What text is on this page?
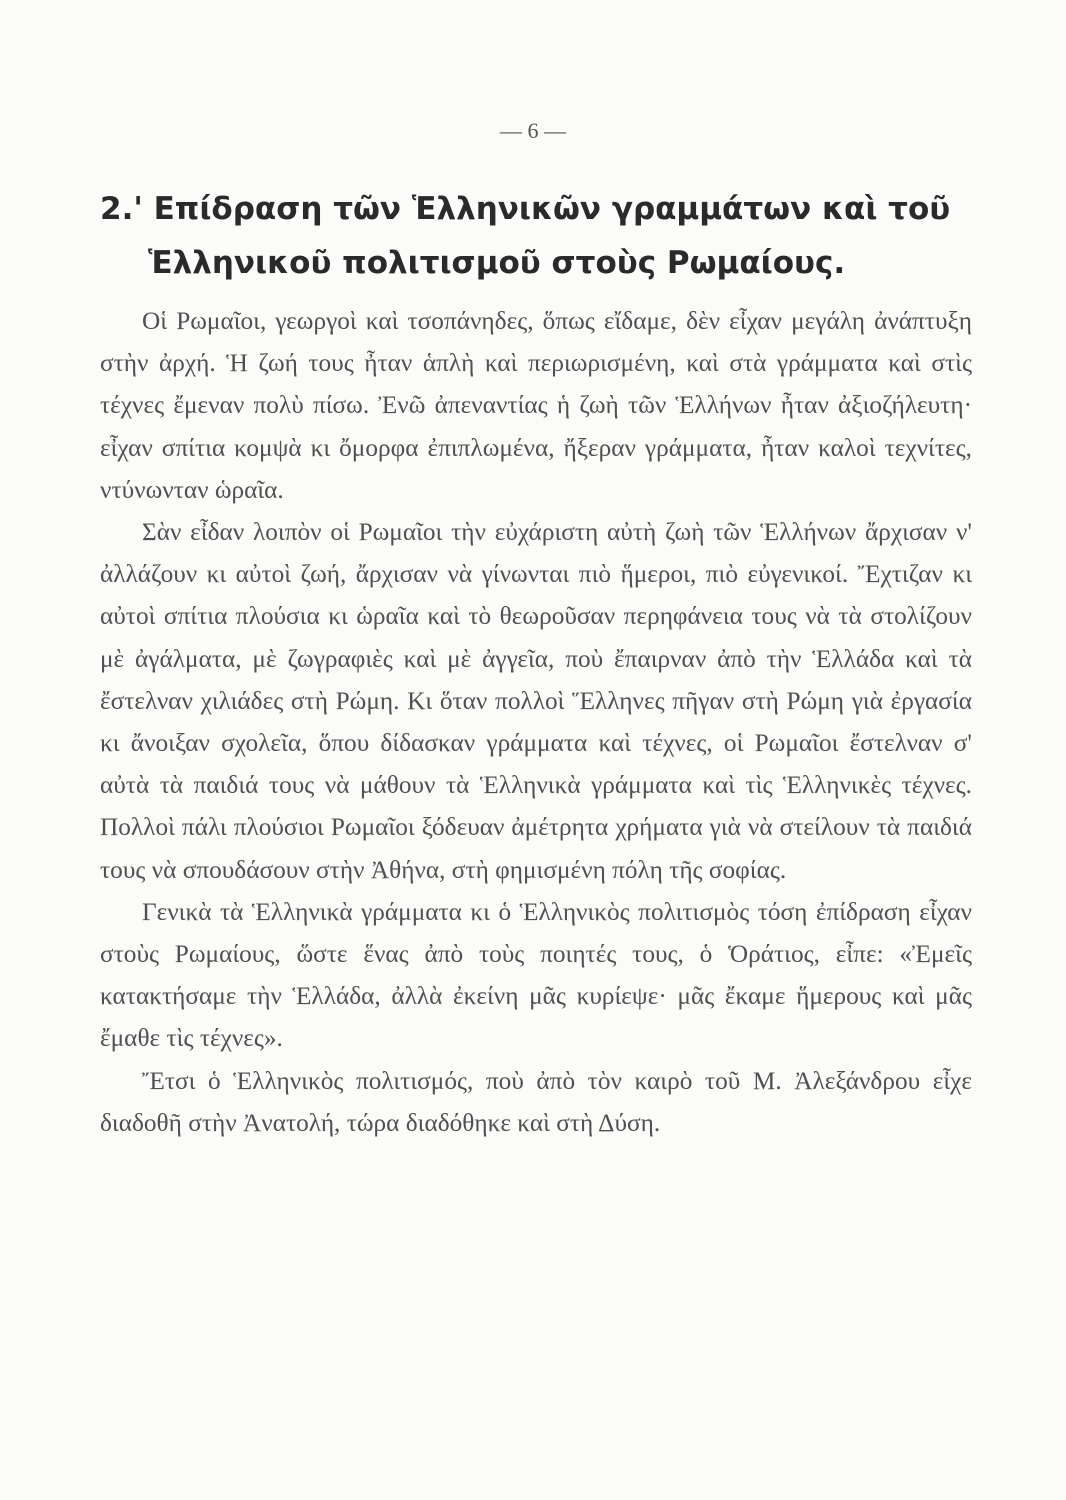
— 6 —
2.' Επίδραση τῶν Ἑλληνικῶν γραμμάτων καὶ τοῦ
Ἑλληνικοῦ πολιτισμοῦ στοὺς Ρωμαίους.

Οἱ Ρωμαῖοι, γεωργοὶ καὶ τσοπάνηδες, ὅπως εἴδαμε, δὲν εἶχαν μεγάλη ἀνάπτυξη στὴν ἀρχή. Ἡ ζωή τους ἦταν ἁπλὴ καὶ περιωρισμένη, καὶ στὰ γράμματα καὶ στὶς τέχνες ἔμεναν πολὺ πίσω. Ἐνῶ ἀπεναντίας ἡ ζωὴ τῶν Ἑλλήνων ἦταν ἀξιοζήλευτη· εἶχαν σπίτια κομψὰ κι ὄμορφα ἐπιπλωμένα, ἤξεραν γράμματα, ἦταν καλοὶ τεχνίτες, ντύνωνταν ὡραῖα.

Σὰν εἶδαν λοιπὸν οἱ Ρωμαῖοι τὴν εὐχάριστη αὐτὴ ζωὴ τῶν Ἑλλήνων ἄρχισαν ν' ἀλλάζουν κι αὐτοὶ ζωή, ἄρχισαν νὰ γίνωνται πιὸ ἥμεροι, πιὸ εὐγενικοί. Ἔχτιζαν κι αὐτοὶ σπίτια πλούσια κι ὡραῖα καὶ τὸ θεωροῦσαν περηφάνεια τους νὰ τὰ στολίζουν μὲ ἀγάλματα, μὲ ζωγραφιὲς καὶ μὲ ἀγγεῖα, ποὺ ἔπαιρναν ἀπὸ τὴν Ἑλλάδα καὶ τὰ ἔστελναν χιλιάδες στὴ Ρώμη. Κι ὅταν πολλοὶ Ἕλληνες πῆγαν στὴ Ρώμη γιὰ ἐργασία κι ἄνοιξαν σχολεῖα, ὅπου δίδασκαν γράμματα καὶ τέχνες, οἱ Ρωμαῖοι ἔστελναν σ' αὐτὰ τὰ παιδιά τους νὰ μάθουν τὰ Ἑλληνικὰ γράμματα καὶ τὶς Ἑλληνικὲς τέχνες. Πολλοὶ πάλι πλούσιοι Ρωμαῖοι ξόδευαν ἀμέτρητα χρήματα γιὰ νὰ στείλουν τὰ παιδιά τους νὰ σπουδάσουν στὴν Ἀθήνα, στὴ φημισμένη πόλη τῆς σοφίας.

Γενικὰ τὰ Ἑλληνικὰ γράμματα κι ὁ Ἑλληνικὸς πολιτισμὸς τόση ἐπίδραση εἶχαν στοὺς Ρωμαίους, ὥστε ἕνας ἀπὸ τοὺς ποιητές τους, ὁ Ὁράτιος, εἶπε: «Ἐμεῖς κατακτήσαμε τὴν Ἑλλάδα, ἀλλὰ ἐκείνη μᾶς κυρίεψε· μᾶς ἔκαμε ἥμερους καὶ μᾶς ἔμαθε τὶς τέχνες».

Ἔτσι ὁ Ἑλληνικὸς πολιτισμός, ποὺ ἀπὸ τὸν καιρὸ τοῦ Μ. Ἀλεξάνδρου εἶχε διαδοθῆ στὴν Ἀνατολή, τώρα διαδόθηκε καὶ στὴ Δύση.
